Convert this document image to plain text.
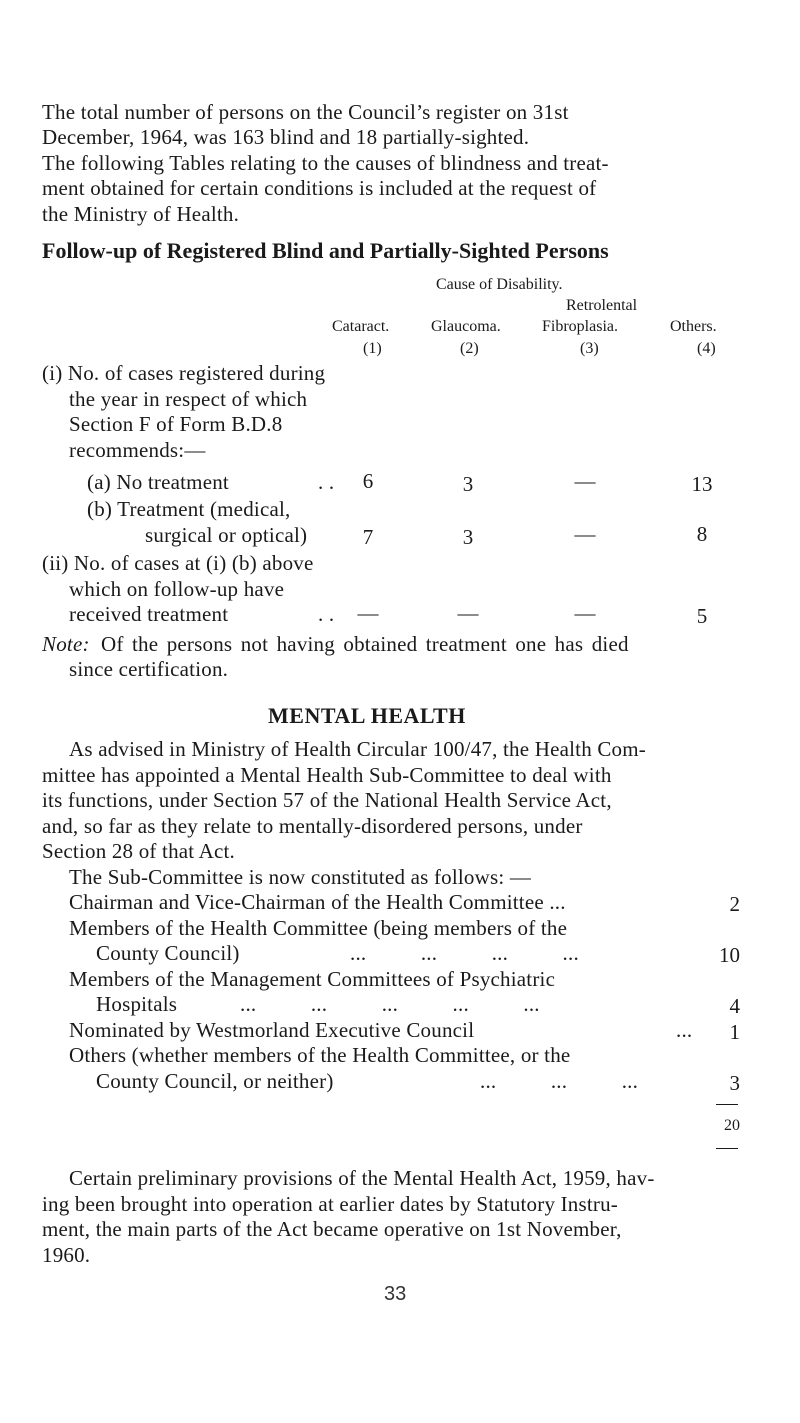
The total number of persons on the Council’s register on 31st
December, 1964, was 163 blind and 18 partially-sighted.
The following Tables relating to the causes of blindness and treat-
ment obtained for certain conditions is included at the request of
the Ministry of Health.
Follow-up of Registered Blind and Partially-Sighted Persons
Cause of Disability.
Retrolental
Cataract.	Glaucoma.	Fibroplasia.	Others.
(1)	(2)	(3)	(4)
(i) No. of cases registered during
the year in respect of which
Section F of Form B.D.8
recommends:—
(a) No treatment	. . 6	3	—	13
(b) Treatment (medical,
surgical or optical)	7	3	—	8
(ii) No. of cases at (i) (b) above
which on follow-up have
received treatment	. .	—	—	—	5
Note: Of the persons not having obtained treatment one has died
since certification.
MENTAL HEALTH
As advised in Ministry of Health Circular 100/47, the Health Com-
mittee has appointed a Mental Health Sub-Committee to deal with
its functions, under Section 57 of the National Health Service Act,
and, so far as they relate to mentally-disordered persons, under
Section 28 of that Act.
The Sub-Committee is now constituted as follows: —
Chairman and Vice-Chairman of the Health Committee ...	2
Members of the Health Committee (being members of the
County Council)	...          ...          ...          ...	10
Members of the Management Committees of Psychiatric
Hospitals	...          ...          ...          ...          ...	4
Nominated by Westmorland Executive Council	...	1
Others (whether members of the Health Committee, or the
County Council, or neither)	...          ...          ...	3
20
Certain preliminary provisions of the Mental Health Act, 1959, hav-
ing been brought into operation at earlier dates by Statutory Instru-
ment, the main parts of the Act became operative on 1st November,
1960.
33
